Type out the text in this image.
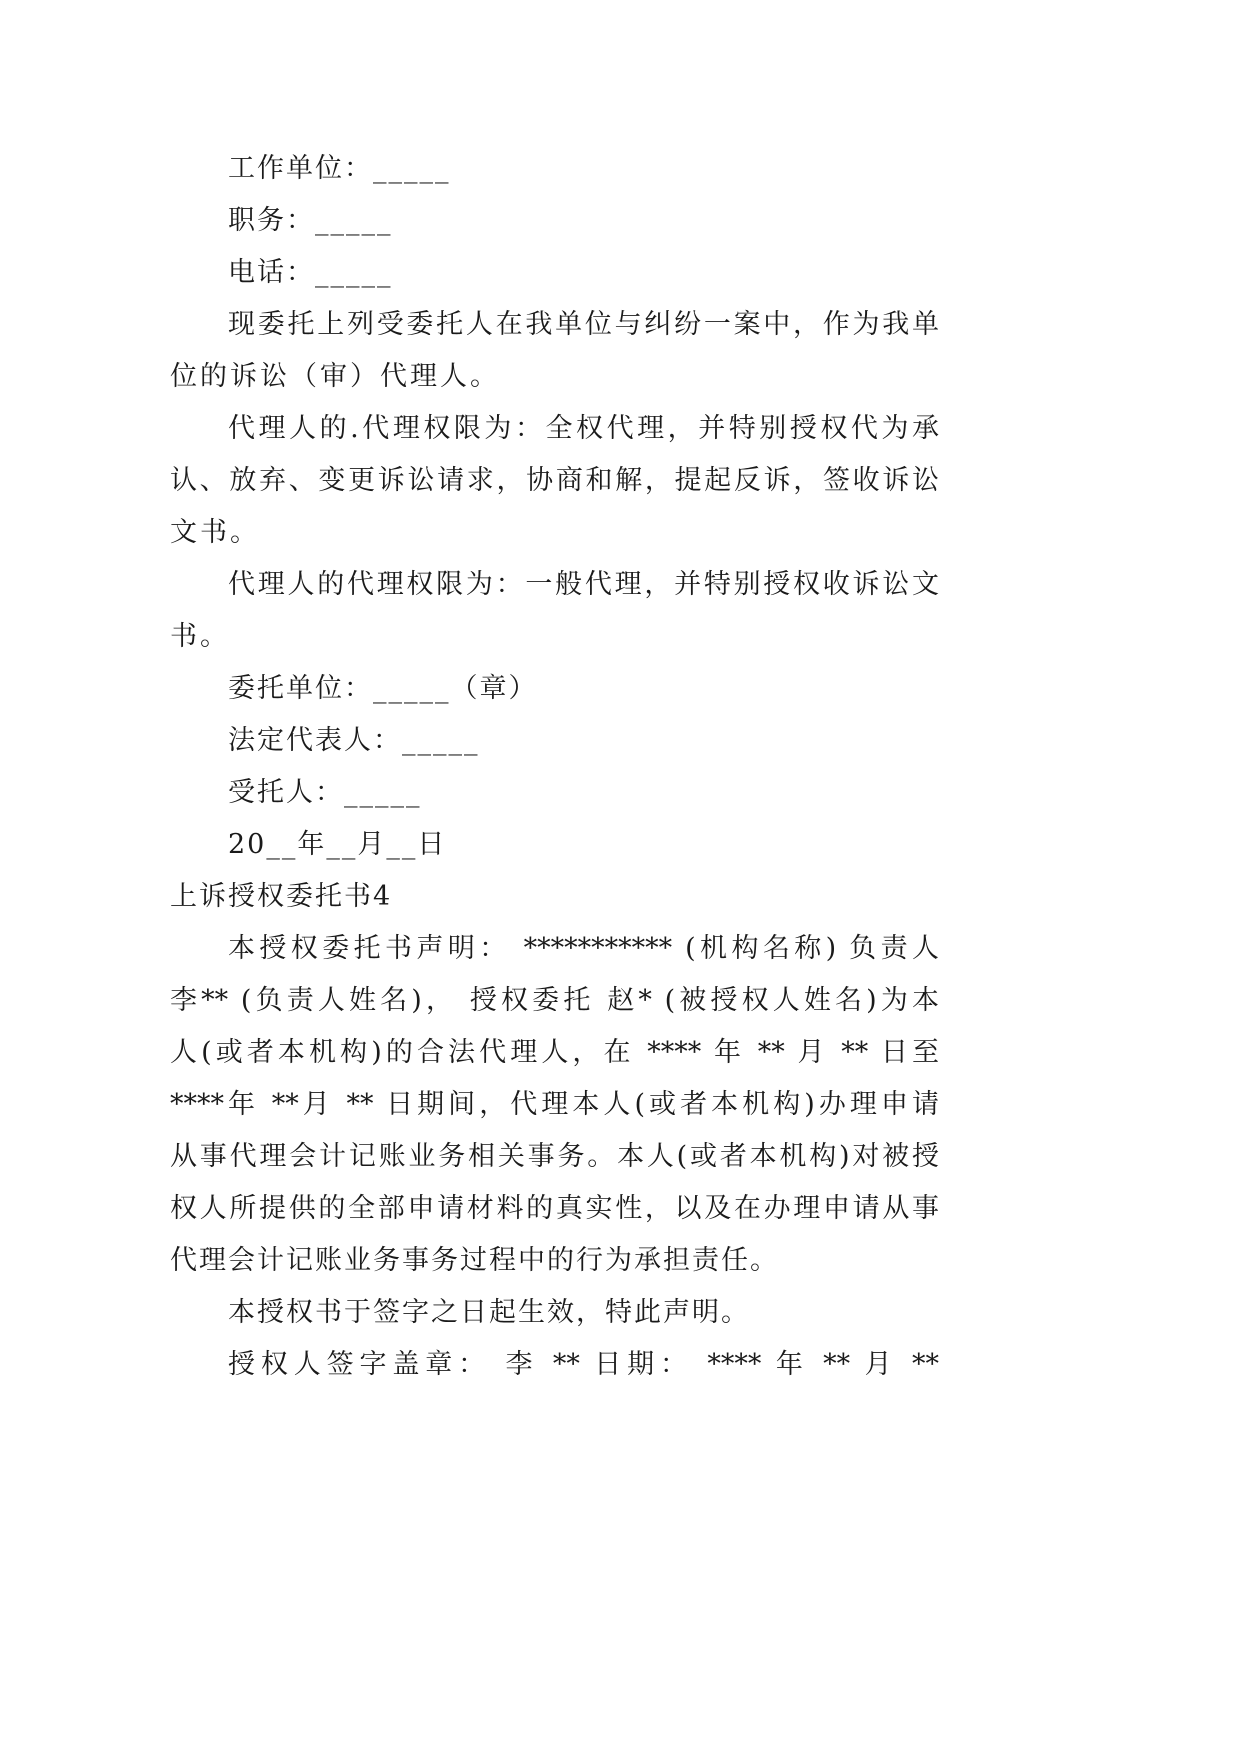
工作单位：_____
职务：_____
电话：_____
现委托上列受委托人在我单位与纠纷一案中，作为我单
位的诉讼（审）代理人。
代理人的.代理权限为：全权代理，并特别授权代为承
认、放弃、变更诉讼请求，协商和解，提起反诉，签收诉讼
文书。
代理人的代理权限为：一般代理，并特别授权收诉讼文
书。
委托单位：_____（章）
法定代表人：_____
受托人：_____
20__年__月__日
上诉授权委托书4
本授权委托书声明： *********** (机构名称) 负责人
李** (负责人姓名)， 授权委托 赵* (被授权人姓名)为本
人(或者本机构)的合法代理人，在 **** 年 ** 月 ** 日至
****年 **月 ** 日期间，代理本人(或者本机构)办理申请
从事代理会计记账业务相关事务。本人(或者本机构)对被授
权人所提供的全部申请材料的真实性，以及在办理申请从事
代理会计记账业务事务过程中的行为承担责任。
本授权书于签字之日起生效，特此声明。
授权人签字盖章： 李 ** 日期： **** 年 ** 月 **
